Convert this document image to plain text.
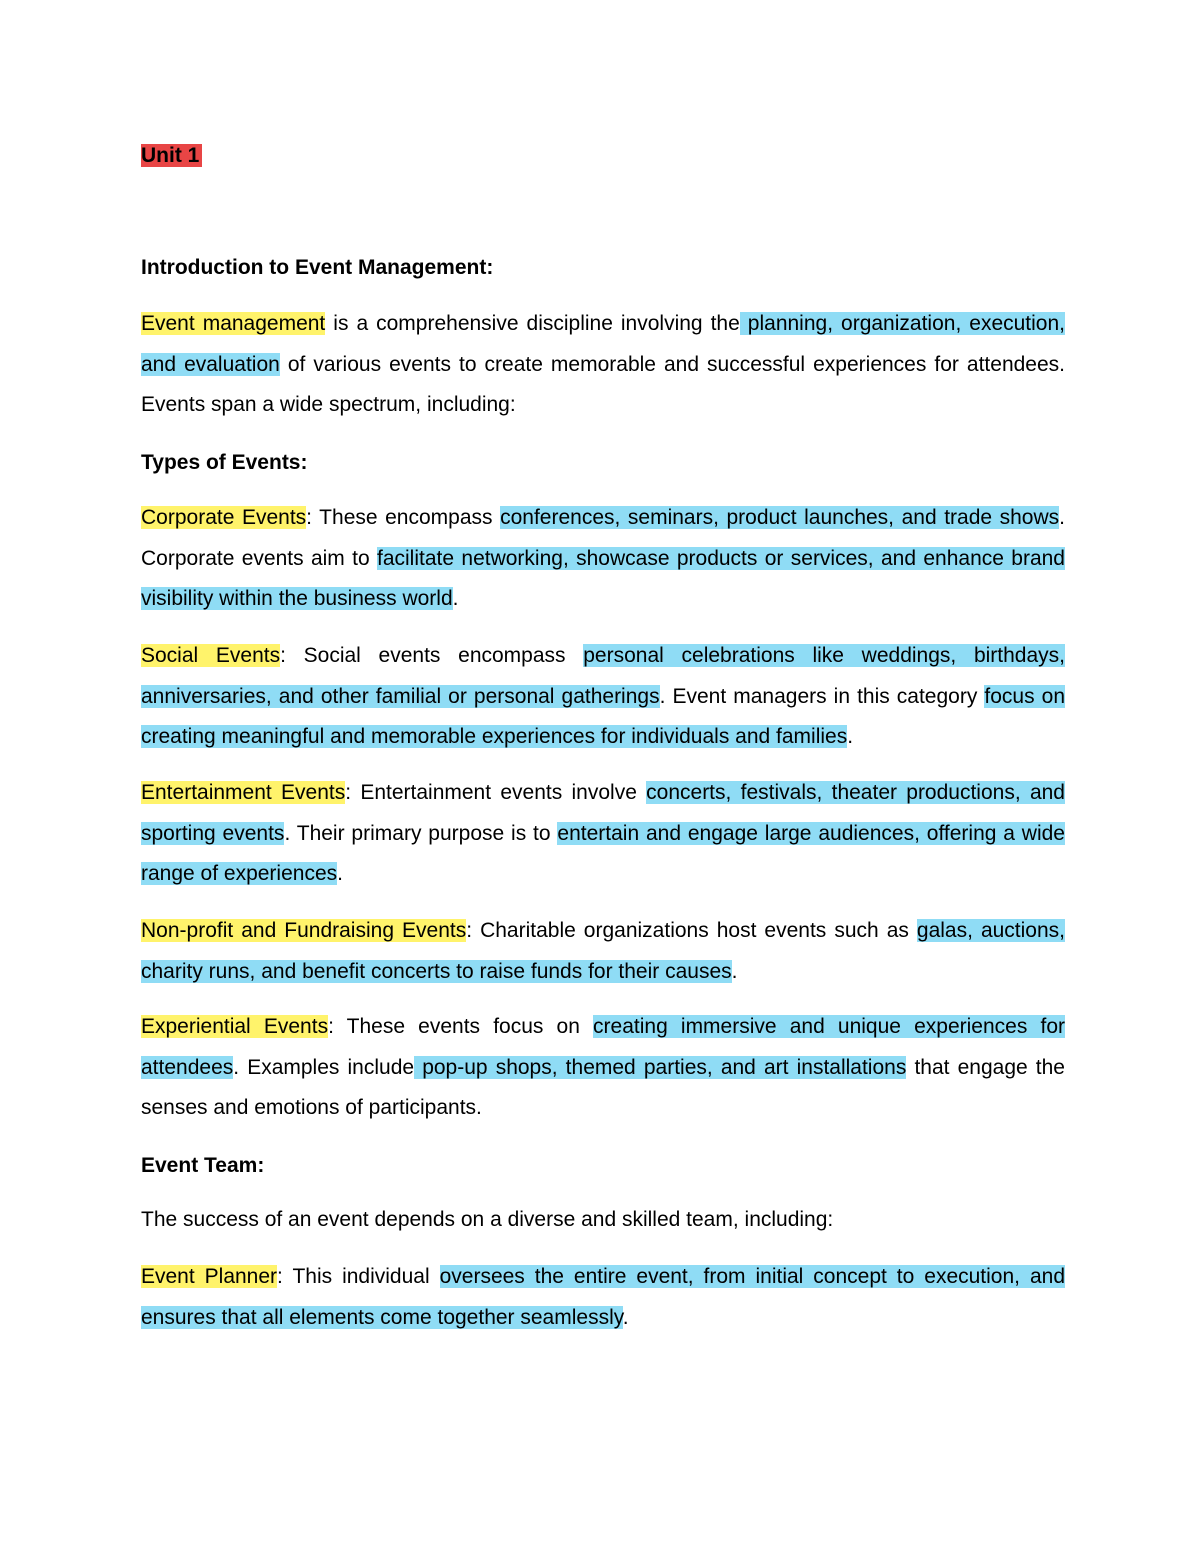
Unit 1
Introduction to Event Management:

Event management is a comprehensive discipline involving the planning, organization, execution, and evaluation of various events to create memorable and successful experiences for attendees. Events span a wide spectrum, including:

Types of Events:

Corporate Events: These encompass conferences, seminars, product launches, and trade shows. Corporate events aim to facilitate networking, showcase products or services, and enhance brand visibility within the business world.

Social Events: Social events encompass personal celebrations like weddings, birthdays, anniversaries, and other familial or personal gatherings. Event managers in this category focus on creating meaningful and memorable experiences for individuals and families.

Entertainment Events: Entertainment events involve concerts, festivals, theater productions, and sporting events. Their primary purpose is to entertain and engage large audiences, offering a wide range of experiences.

Non-profit and Fundraising Events: Charitable organizations host events such as galas, auctions, charity runs, and benefit concerts to raise funds for their causes.

Experiential Events: These events focus on creating immersive and unique experiences for attendees. Examples include pop-up shops, themed parties, and art installations that engage the senses and emotions of participants.

Event Team:

The success of an event depends on a diverse and skilled team, including:

Event Planner: This individual oversees the entire event, from initial concept to execution, and ensures that all elements come together seamlessly.
